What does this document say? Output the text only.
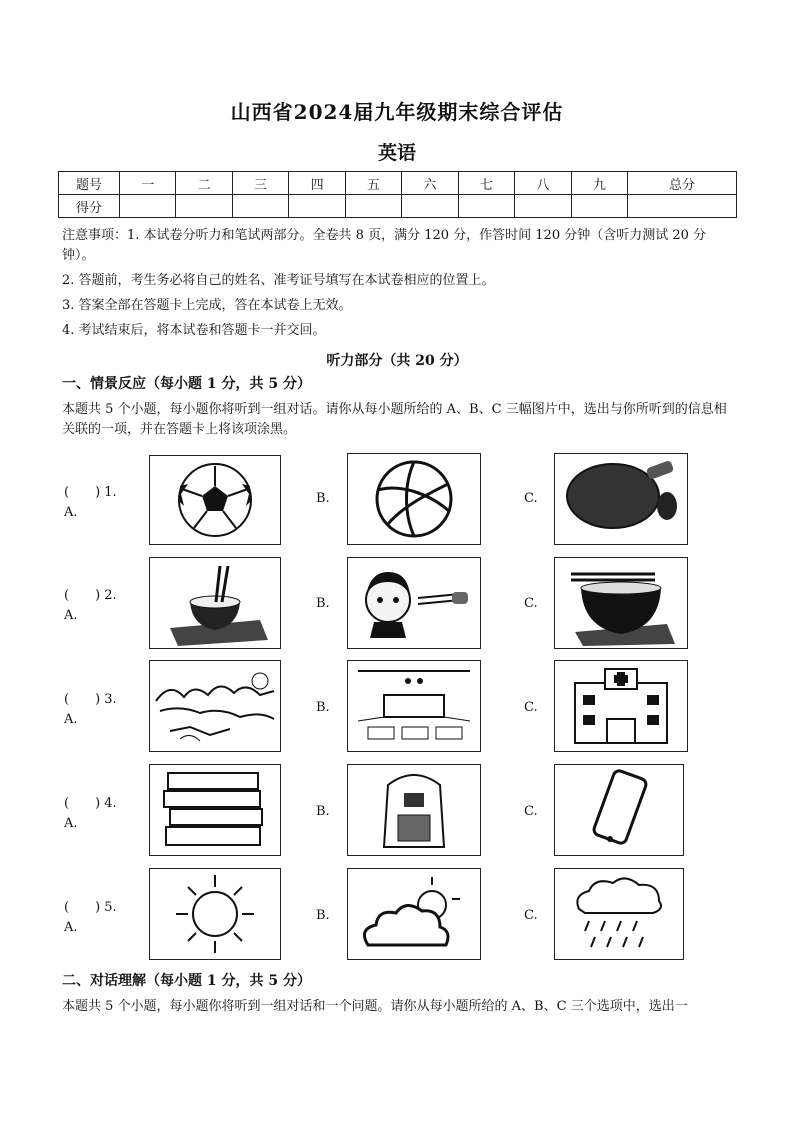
山西省2024届九年级期末综合评估
英语
题号	一	二	三	四	五	六	七	八	九	总分
得分										

注意事项：1. 本试卷分听力和笔试两部分。全卷共 8 页，满分 120 分，作答时间 120 分钟（含听力测试 20 分钟）。

2. 答题前，考生务必将自己的姓名、准考证号填写在本试卷相应的位置上。

3. 答案全部在答题卡上完成，答在本试卷上无效。

4. 考试结束后，将本试卷和答题卡一并交回。

听力部分（共 20 分）
一、情景反应（每小题 1 分，共 5 分）
本题共 5 个小题，每小题你将听到一组对话。请你从每小题所给的 A、B、C 三幅图片中，选出与你所听到的信息相关联的一项，并在答题卡上将该项涂黑。
(　　) 1.
A.
B.	C.
(　　) 2.
A.
B.	C.
(　　) 3.
A.
B.	C.
(　　) 4.
A.
B.	C.
(　　) 5.
A.
B.	C.
二、对话理解（每小题 1 分，共 5 分）
本题共 5 个小题，每小题你将听到一组对话和一个问题。请你从每小题所给的 A、B、C 三个选项中，选出一
